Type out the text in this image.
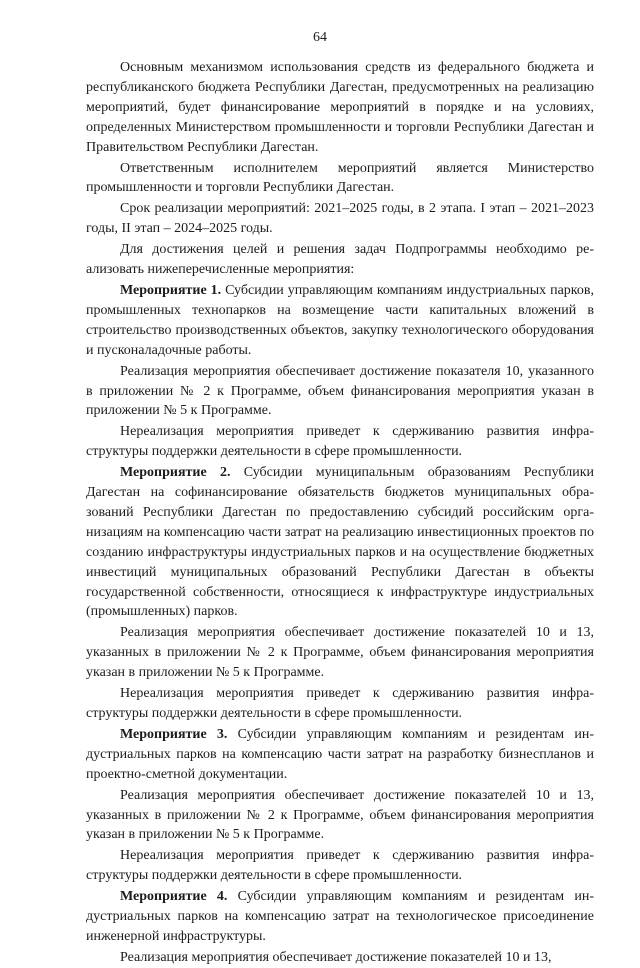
64

Основным механизмом использования средств из федерального бюджета и республиканского бюджета Республики Дагестан, предусмотренных на реализацию мероприятий, будет финансирование мероприятий в порядке и на условиях, определенных Министерством промышленности и торговли Республики Дагестан и Правительством Республики Дагестан.

Ответственным исполнителем мероприятий является Министерство промышленности и торговли Республики Дагестан.

Срок реализации мероприятий: 2021–2025 годы, в 2 этапа. I этап – 2021–2023 годы, II этап – 2024–2025 годы.

Для достижения целей и решения задач Подпрограммы необходимо реализовать нижеперечисленные мероприятия:

Мероприятие 1. Субсидии управляющим компаниям индустриальных парков, промышленных технопарков на возмещение части капитальных вложений в строительство производственных объектов, закупку технологического оборудования и пусконаладочные работы.

Реализация мероприятия обеспечивает достижение показателя 10, указанного в приложении № 2 к Программе, объем финансирования мероприятия указан в приложении № 5 к Программе.

Нереализация мероприятия приведет к сдерживанию развития инфраструктуры поддержки деятельности в сфере промышленности.

Мероприятие 2. Субсидии муниципальным образованиям Республики Дагестан на софинансирование обязательств бюджетов муниципальных образований Республики Дагестан по предоставлению субсидий российским организациям на компенсацию части затрат на реализацию инвестиционных проектов по созданию инфраструктуры индустриальных парков и на осуществление бюджетных инвестиций муниципальных образований Республики Дагестан в объекты государственной собственности, относящиеся к инфраструктуре индустриальных (промышленных) парков.

Реализация мероприятия обеспечивает достижение показателей 10 и 13, указанных в приложении № 2 к Программе, объем финансирования мероприятия указан в приложении № 5 к Программе.

Нереализация мероприятия приведет к сдерживанию развития инфраструктуры поддержки деятельности в сфере промышленности.

Мероприятие 3. Субсидии управляющим компаниям и резидентам индустриальных парков на компенсацию части затрат на разработку бизнеспланов и проектно-сметной документации.

Реализация мероприятия обеспечивает достижение показателей 10 и 13, указанных в приложении № 2 к Программе, объем финансирования мероприятия указан в приложении № 5 к Программе.

Нереализация мероприятия приведет к сдерживанию развития инфраструктуры поддержки деятельности в сфере промышленности.

Мероприятие 4. Субсидии управляющим компаниям и резидентам индустриальных парков на компенсацию затрат на технологическое присоединение инженерной инфраструктуры.

Реализация мероприятия обеспечивает достижение показателей 10 и 13,
